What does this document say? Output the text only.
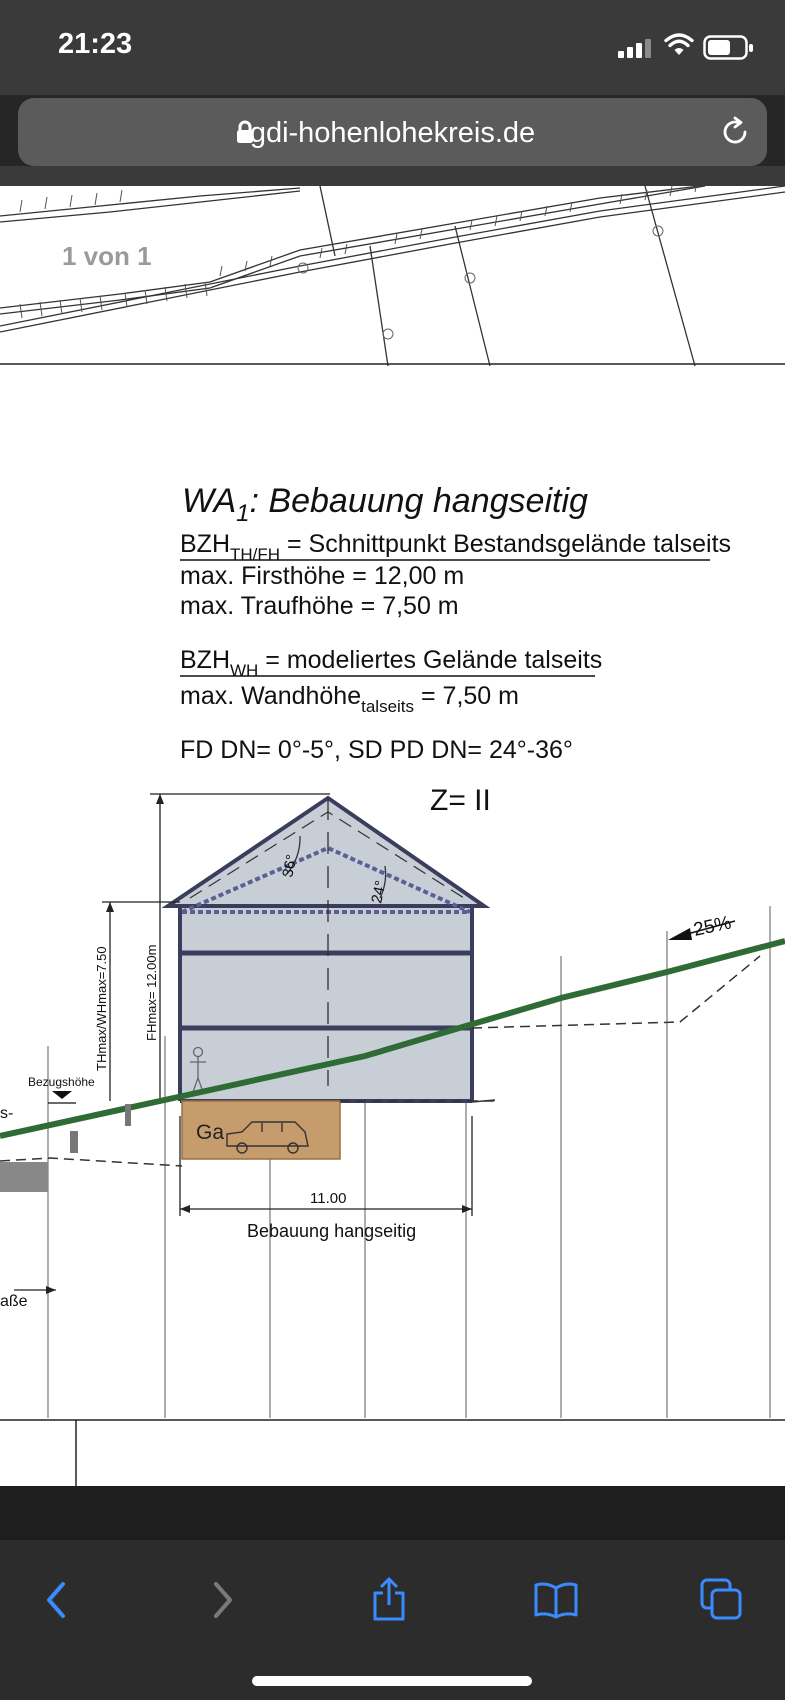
21:23
gdi-hohenlohekreis.de
$WA_1$: Bebauung hangseitig
$BZH_{TH/FH}$ = Schnittpunkt Bestandsgelände talseits
max. Firsthöhe = 12,00 m
max. Traufhöhe = 7,50 m
$BZH_{WH}$ = modeliertes Gelände talseits
max. Wandhöhe$_{talseits}$ = 7,50 m
FD DN= 0°-5°, SD PD DN= 24°-36°
Z= II
36°
24°
FHmax= 12.00m
THmax/WHmax=7.50
11.00
Bebauung hangseitig
Ga
25%
Bezugshöhe
s-
aße
1 von 1
